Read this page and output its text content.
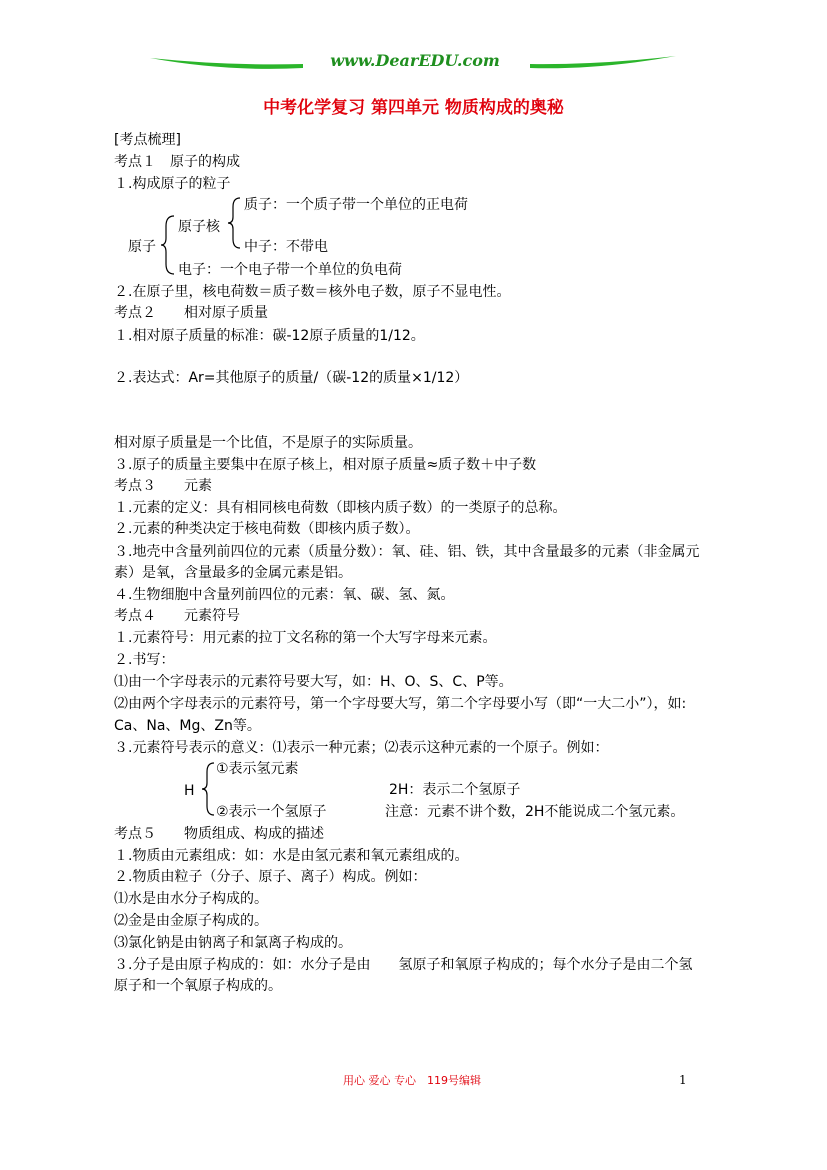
www.DearEDU.com
中考化学复习 第四单元 物质构成的奥秘
[考点梳理]
考点１　原子的构成
１.构成原子的粒子
原子
原子核
质子：一个质子带一个单位的正电荷
中子：不带电
电子：一个电子带一个单位的负电荷
２.在原子里，核电荷数＝质子数＝核外电子数，原子不显电性。
考点２　　相对原子质量
１.相对原子质量的标准：碳-12原子质量的1/12。
２.表达式：Ar=其他原子的质量/（碳-12的质量×1/12）
相对原子质量是一个比值，不是原子的实际质量。
３.原子的质量主要集中在原子核上，相对原子质量≈质子数＋中子数
考点３　　元素
１.元素的定义：具有相同核电荷数（即核内质子数）的一类原子的总称。
２.元素的种类决定于核电荷数（即核内质子数）。
３.地壳中含量列前四位的元素（质量分数）：氧、硅、铝、铁，其中含量最多的元素（非金属元
素）是氧，含量最多的金属元素是铝。
４.生物细胞中含量列前四位的元素：氧、碳、氢、氮。
考点４　　元素符号
１.元素符号：用元素的拉丁文名称的第一个大写字母来元素。
２.书写：
⑴由一个字母表示的元素符号要大写，如：H、O、S、C、P等。
⑵由两个字母表示的元素符号，第一个字母要大写，第二个字母要小写（即“一大二小”），如:
Ca、Na、Mg、Zn等。
３.元素符号表示的意义：⑴表示一种元素；⑵表示这种元素的一个原子。例如：
H
①表示氢元素
2H：表示二个氢原子
②表示一个氢原子	注意：元素不讲个数，2H不能说成二个氢元素。
考点５　　物质组成、构成的描述
１.物质由元素组成：如：水是由氢元素和氧元素组成的。
２.物质由粒子（分子、原子、离子）构成。例如：
⑴水是由水分子构成的。
⑵金是由金原子构成的。
⑶氯化钠是由钠离子和氯离子构成的。
３.分子是由原子构成的：如：水分子是由　　氢原子和氧原子构成的；每个水分子是由二个氢
原子和一个氧原子构成的。
用心 爱心 专心　119号编辑	1
